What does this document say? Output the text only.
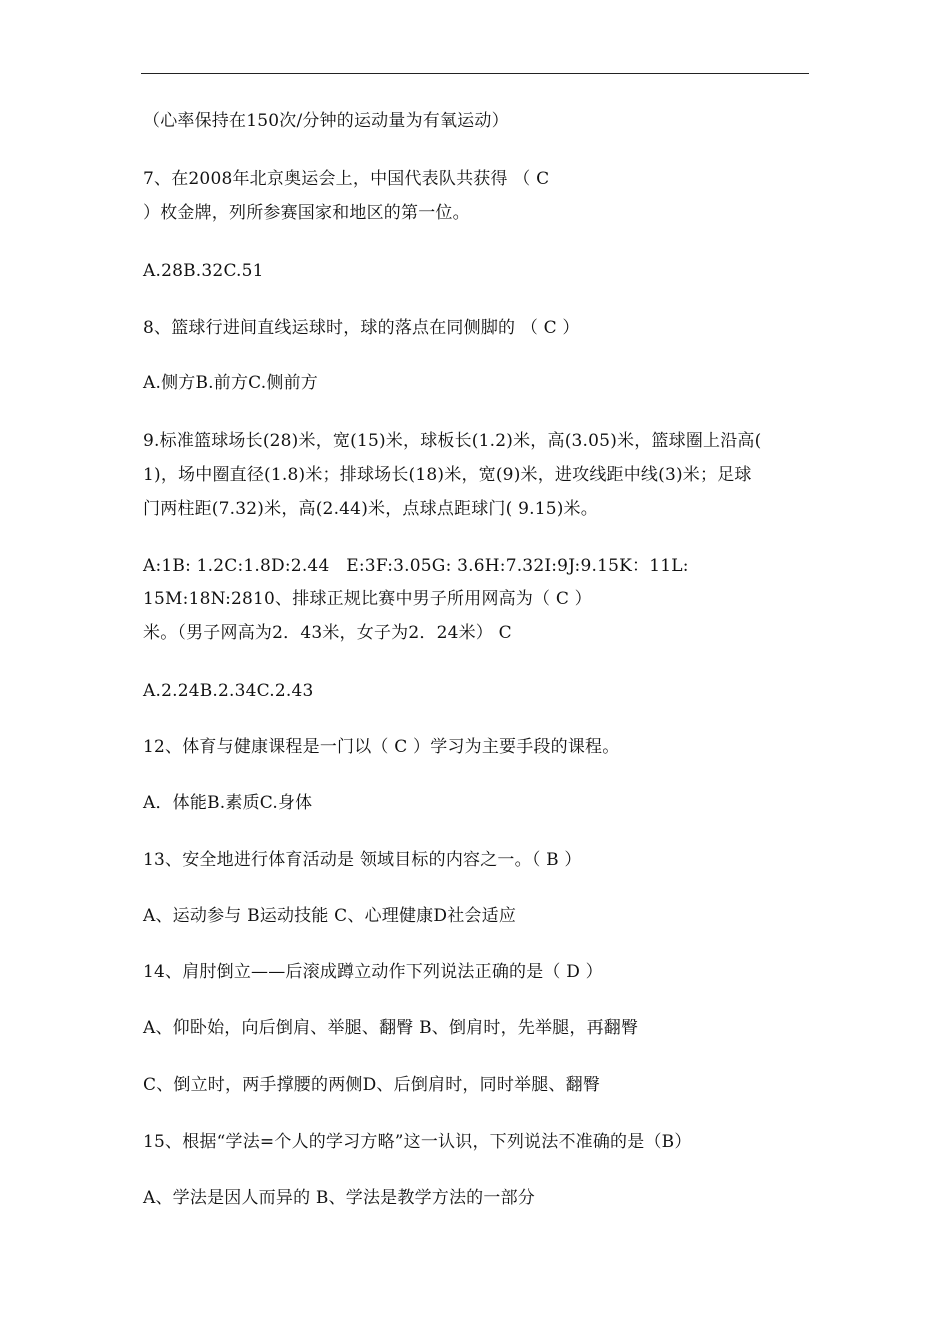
（心率保持在150次/分钟的运动量为有氧运动）
7、在2008年北京奥运会上，中国代表队共获得 （ C
）枚金牌，列所参赛国家和地区的第一位。
A.28B.32C.51
8、篮球行进间直线运球时，球的落点在同侧脚的 （ C ）
A.侧方B.前方C.侧前方
9.标准篮球场长(28)米，宽(15)米，球板长(1.2)米，高(3.05)米，篮球圈上沿高(
1)，场中圈直径(1.8)米；排球场长(18)米，宽(9)米，进攻线距中线(3)米；足球
门两柱距(7.32)米，高(2.44)米，点球点距球门( 9.15)米。
A:1B: 1.2C:1.8D:2.44   E:3F:3.05G: 3.6H:7.32I:9J:9.15K：11L:
15M:18N:2810、排球正规比赛中男子所用网高为（ C ）
米。（男子网高为2．43米，女子为2．24米） C
A.2.24B.2.34C.2.43
12、体育与健康课程是一门以（ C ）学习为主要手段的课程。
A．体能B.素质C.身体
13、安全地进行体育活动是 领域目标的内容之一。（ B ）
A、运动参与 B运动技能 C、心理健康D社会适应
14、肩肘倒立——后滚成蹲立动作下列说法正确的是（ D ）
A、仰卧始，向后倒肩、举腿、翻臀 B、倒肩时，先举腿，再翻臀
C、倒立时，两手撑腰的两侧D、后倒肩时，同时举腿、翻臀
15、根据“学法=个人的学习方略”这一认识，下列说法不准确的是（B）
A、学法是因人而异的 B、学法是教学方法的一部分
